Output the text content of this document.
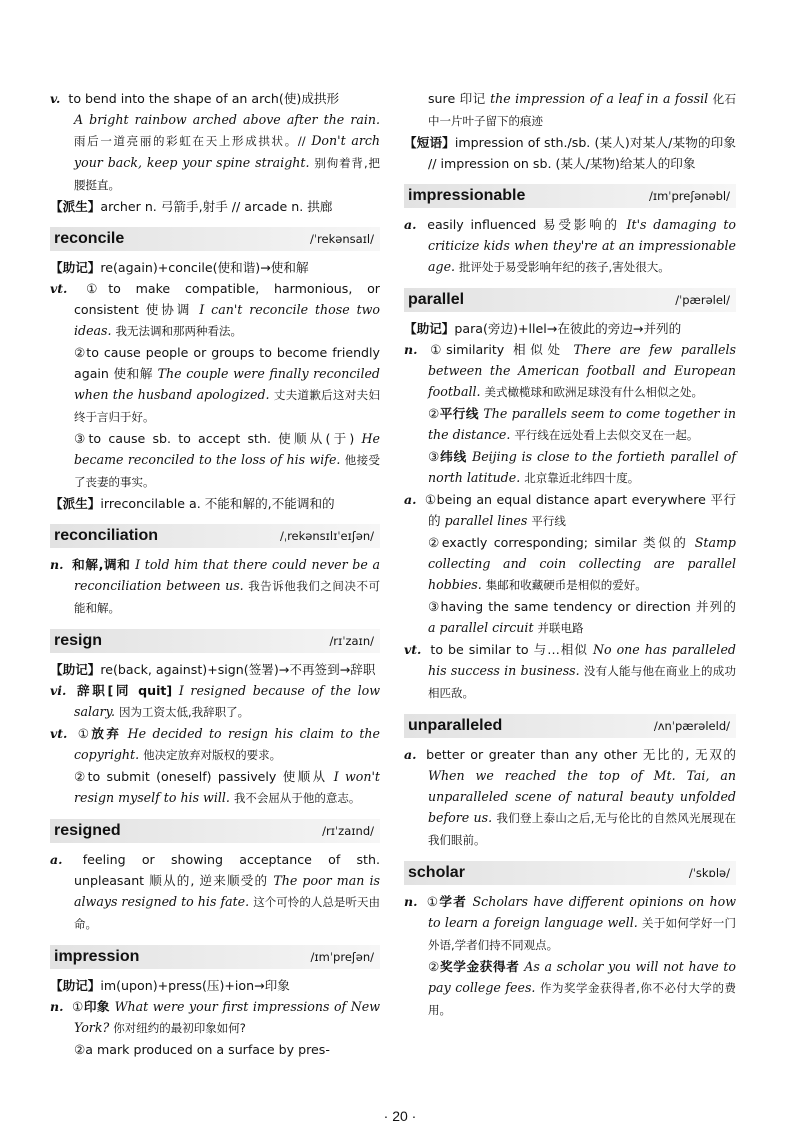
v. to bend into the shape of an arch(使)成拱形

A bright rainbow arched above after the rain. 雨后一道亮丽的彩虹在天上形成拱状。// Don't arch your back, keep your spine straight. 别佝着背,把腰挺直。

【派生】archer n. 弓箭手,射手 // arcade n. 拱廊

reconcile	/ˈrekənsaɪl/

【助记】re(again)+concile(使和谐)→使和解

vt. ①to make compatible, harmonious, or consistent 使协调 I can't reconcile those two ideas. 我无法调和那两种看法。

②to cause people or groups to become friendly again 使和解 The couple were finally reconciled when the husband apologized. 丈夫道歉后这对夫妇终于言归于好。

③to cause sb. to accept sth. 使顺从(于) He became reconciled to the loss of his wife. 他接受了丧妻的事实。

【派生】irreconcilable a. 不能和解的,不能调和的

reconciliation	/ˌrekənsɪlɪˈeɪʃən/

n. 和解,调和 I told him that there could never be a reconciliation between us. 我告诉他我们之间决不可能和解。

resign	/rɪˈzaɪn/

【助记】re(back, against)+sign(签署)→不再签到→辞职

vi. 辞职[同 quit] I resigned because of the low salary. 因为工资太低,我辞职了。

vt. ①放弃 He decided to resign his claim to the copyright. 他决定放弃对版权的要求。

②to submit (oneself) passively 使顺从 I won't resign myself to his will. 我不会屈从于他的意志。

resigned	/rɪˈzaɪnd/

a. feeling or showing acceptance of sth. unpleasant 顺从的, 逆来顺受的 The poor man is always resigned to his fate. 这个可怜的人总是听天由命。

impression	/ɪmˈpreʃən/

【助记】im(upon)+press(压)+ion→印象

n. ①印象 What were your first impressions of New York? 你对纽约的最初印象如何?

②a mark produced on a surface by pres-

sure 印记 the impression of a leaf in a fossil 化石中一片叶子留下的痕迹

【短语】impression of sth./sb. (某人)对某人/某物的印象 // impression on sb. (某人/某物)给某人的印象

impressionable	/ɪmˈpreʃənəbl/

a. easily influenced 易受影响的 It's damaging to criticize kids when they're at an impressionable age. 批评处于易受影响年纪的孩子,害处很大。

parallel	/ˈpærəlel/

【助记】para(旁边)+llel→在彼此的旁边→并列的

n. ①similarity 相似处 There are few parallels between the American football and European football. 美式橄榄球和欧洲足球没有什么相似之处。

②平行线 The parallels seem to come together in the distance. 平行线在远处看上去似交叉在一起。

③纬线 Beijing is close to the fortieth parallel of north latitude. 北京靠近北纬四十度。

a. ①being an equal distance apart everywhere 平行的 parallel lines 平行线

②exactly corresponding; similar 类似的 Stamp collecting and coin collecting are parallel hobbies. 集邮和收藏硬币是相似的爱好。

③having the same tendency or direction 并列的 a parallel circuit 并联电路

vt. to be similar to 与…相似 No one has paralleled his success in business. 没有人能与他在商业上的成功相匹敌。

unparalleled	/ʌnˈpærəleld/

a. better or greater than any other 无比的, 无双的 When we reached the top of Mt. Tai, an unparalleled scene of natural beauty unfolded before us. 我们登上泰山之后,无与伦比的自然风光展现在我们眼前。

scholar	/ˈskɒlə/

n. ①学者 Scholars have different opinions on how to learn a foreign language well. 关于如何学好一门外语,学者们持不同观点。

②奖学金获得者 As a scholar you will not have to pay college fees. 作为奖学金获得者,你不必付大学的费用。

· 20 ·
